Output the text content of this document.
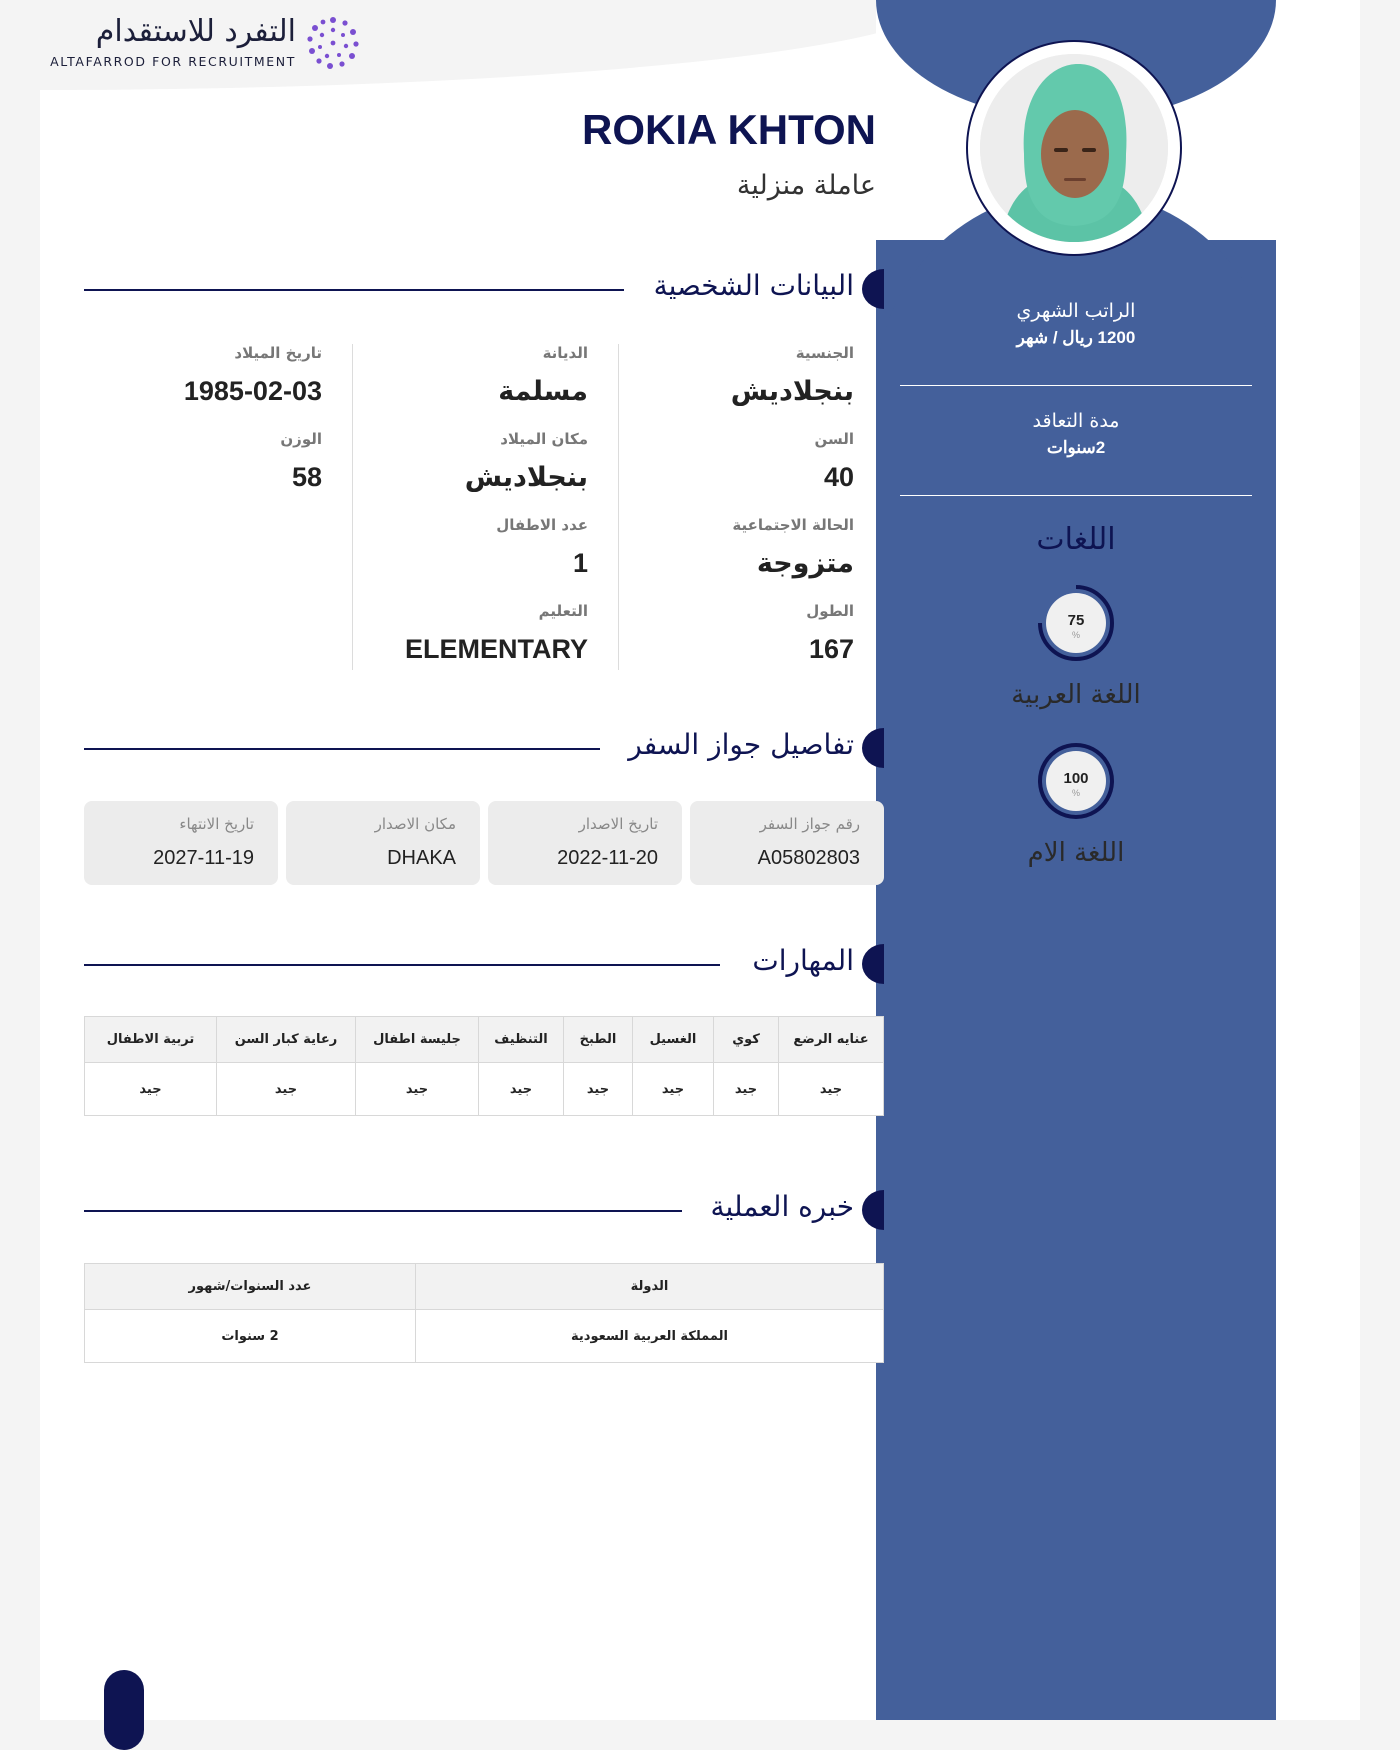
التفرد للاستقدام
ALTAFARROD FOR RECRUITMENT
الراتب الشهري
1200 ريال / شهر
مدة التعاقد
2سنوات
اللغات
75
%
اللغة العربية
100
%
اللغة الام
ROKIA KHTON
عاملة منزلية
البيانات الشخصية
الجنسية
بنجلاديش
السن
40
الحالة الاجتماعية
متزوجة
الطول
167
الديانة
مسلمة
مكان الميلاد
بنجلاديش
عدد الاطفال
1
التعليم
ELEMENTARY
تاريخ الميلاد
1985-02-03
الوزن
58
تفاصيل جواز السفر
رقم جواز السفر
A05802803
تاريخ الاصدار
2022-11-20
مكان الاصدار
DHAKA
تاريخ الانتهاء
2027-11-19
المهارات
عنايه الرضع	كوي	الغسيل	الطبخ	التنظيف	جليسة اطفال	رعاية كبار السن	تربية الاطفال
جيد	جيد	جيد	جيد	جيد	جيد	جيد	جيد
خبره العملية
الدولة	عدد السنوات/شهور
المملكة العربية السعودية	2 سنوات
